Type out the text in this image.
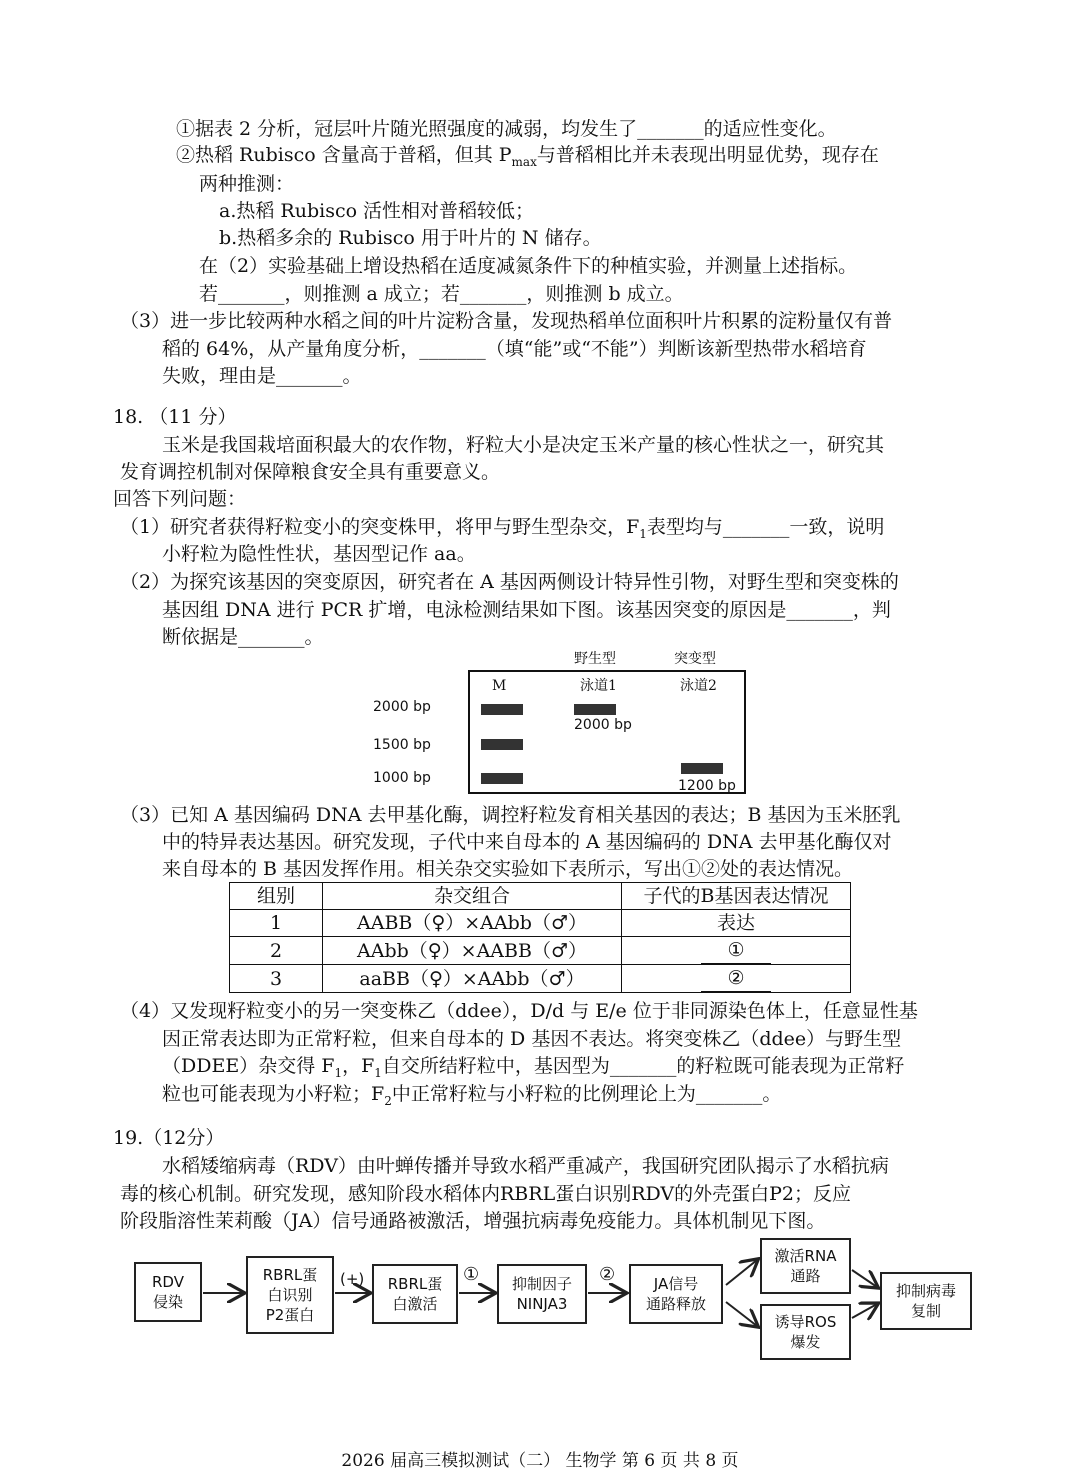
①据表 2 分析，冠层叶片随光照强度的减弱，均发生了_______的适应性变化。
②热稻 Rubisco 含量高于普稻，但其 $P_{max}$与普稻相比并未表现出明显优势，现存在
两种推测：
a.热稻 Rubisco 活性相对普稻较低；
b.热稻多余的 Rubisco 用于叶片的 N 储存。
在（2）实验基础上增设热稻在适度减氮条件下的种植实验，并测量上述指标。
若_______，则推测 a 成立；若_______，则推测 b 成立。
（3）进一步比较两种水稻之间的叶片淀粉含量，发现热稻单位面积叶片积累的淀粉量仅有普
稻的 64%，从产量角度分析，_______（填“能”或“不能”）判断该新型热带水稻培育
失败，理由是_______。
18. （11 分）
玉米是我国栽培面积最大的农作物，籽粒大小是决定玉米产量的核心性状之一，研究其
发育调控机制对保障粮食安全具有重要意义。
回答下列问题：
（1）研究者获得籽粒变小的突变株甲，将甲与野生型杂交，$F_1$表型均与_______一致，说明
小籽粒为隐性性状，基因型记作 aa。
（2）为探究该基因的突变原因，研究者在 A 基因两侧设计特异性引物，对野生型和突变株的
基因组 DNA 进行 PCR 扩增，电泳检测结果如下图。该基因突变的原因是_______，判
断依据是_______。
野生型	突变型
M	泳道1	泳道2
2000 bp
1200 bp
2000 bp
1500 bp
1000 bp
（3）已知 A 基因编码 DNA 去甲基化酶，调控籽粒发育相关基因的表达；B 基因为玉米胚乳
中的特异表达基因。研究发现，子代中来自母本的 A 基因编码的 DNA 去甲基化酶仅对
来自母本的 B 基因发挥作用。相关杂交实验如下表所示，写出①②处的表达情况。
组别	杂交组合	子代的B基因表达情况
1	AABB（♀）×AAbb（♂）	表达
2	AAbb（♀）×AABB（♂）	①
3	aaBB（♀）×AAbb（♂）	②
（4）又发现籽粒变小的另一突变株乙（ddee），D/d 与 E/e 位于非同源染色体上，任意显性基
因正常表达即为正常籽粒，但来自母本的 D 基因不表达。将突变株乙（ddee）与野生型
（DDEE）杂交得 $F_1$，$F_1$自交所结籽粒中，基因型为_______的籽粒既可能表现为正常籽
粒也可能表现为小籽粒；$F_2$中正常籽粒与小籽粒的比例理论上为_______。
19.（12分）
水稻矮缩病毒（RDV）由叶蝉传播并导致水稻严重减产，我国研究团队揭示了水稻抗病
毒的核心机制。研究发现，感知阶段水稻体内RBRL蛋白识别RDV的外壳蛋白P2；反应
阶段脂溶性茉莉酸（JA）信号通路被激活，增强抗病毒免疫能力。具体机制见下图。
RDV
侵染
RBRL蛋
白识别
P2蛋白
(+) RBRL蛋
白激活
① 抑制因子
NINJA3
②	JA信号
通路释放
激活RNA
通路
诱导ROS
爆发
抑制病毒
复制
2026 届高三模拟测试（二） 生物学 第 6 页 共 8 页
